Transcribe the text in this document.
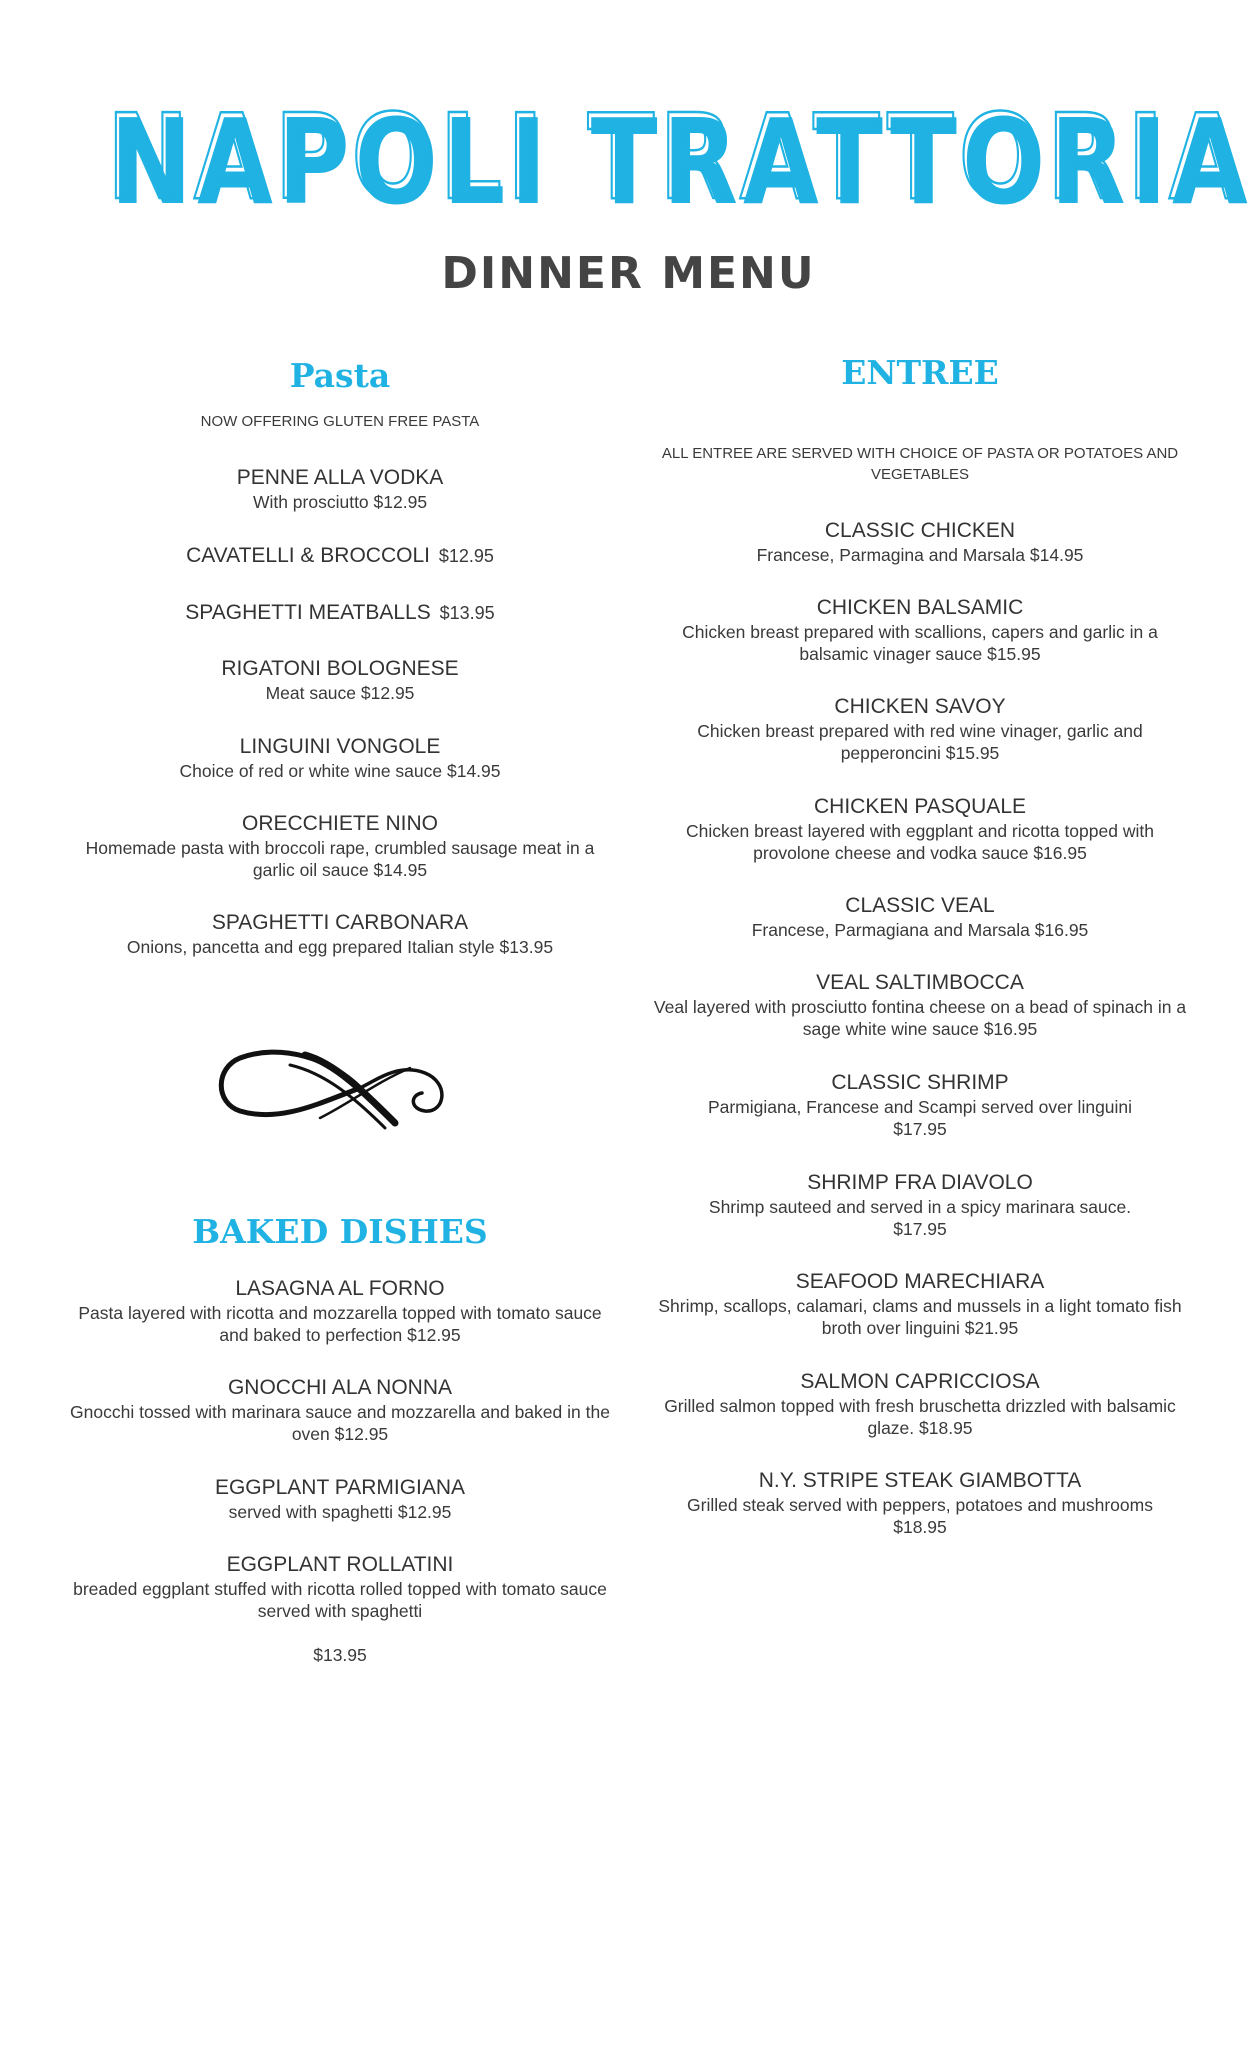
NAPOLI TRATTORIA
DINNER MENU
Pasta

NOW OFFERING GLUTEN FREE PASTA

PENNE ALLA VODKA
With prosciutto $12.95
CAVATELLI & BROCCOLI $12.95
SPAGHETTI MEATBALLS $13.95
RIGATONI BOLOGNESE
Meat sauce $12.95
LINGUINI VONGOLE
Choice of red or white wine sauce $14.95
ORECCHIETE NINO
Homemade pasta with broccoli rape, crumbled sausage meat in a garlic oil sauce $14.95
SPAGHETTI CARBONARA
Onions, pancetta and egg prepared Italian style $13.95
BAKED DISHES
LASAGNA AL FORNO
Pasta layered with ricotta and mozzarella topped with tomato sauce and baked to perfection $12.95
GNOCCHI ALA NONNA
Gnocchi tossed with marinara sauce and mozzarella and baked in the oven $12.95
EGGPLANT PARMIGIANA
served with spaghetti $12.95
EGGPLANT ROLLATINI
breaded eggplant stuffed with ricotta rolled topped with tomato sauce served with spaghetti
$13.95
ENTREE

ALL ENTREE ARE SERVED WITH CHOICE OF PASTA OR POTATOES AND VEGETABLES

CLASSIC CHICKEN
Francese, Parmagina and Marsala $14.95
CHICKEN BALSAMIC
Chicken breast prepared with scallions, capers and garlic in a balsamic vinager sauce $15.95
CHICKEN SAVOY
Chicken breast prepared with red wine vinager, garlic and pepperoncini $15.95
CHICKEN PASQUALE
Chicken breast layered with eggplant and ricotta topped with provolone cheese and vodka sauce $16.95
CLASSIC VEAL
Francese, Parmagiana and Marsala $16.95
VEAL SALTIMBOCCA
Veal layered with prosciutto fontina cheese on a bead of spinach in a sage white wine sauce $16.95
CLASSIC SHRIMP
Parmigiana, Francese and Scampi served over linguini
$17.95
SHRIMP FRA DIAVOLO
Shrimp sauteed and served in a spicy marinara sauce.
$17.95
SEAFOOD MARECHIARA
Shrimp, scallops, calamari, clams and mussels in a light tomato fish broth over linguini $21.95
SALMON CAPRICCIOSA
Grilled salmon topped with fresh bruschetta drizzled with balsamic glaze. $18.95
N.Y. STRIPE STEAK GIAMBOTTA
Grilled steak served with peppers, potatoes and mushrooms
$18.95
